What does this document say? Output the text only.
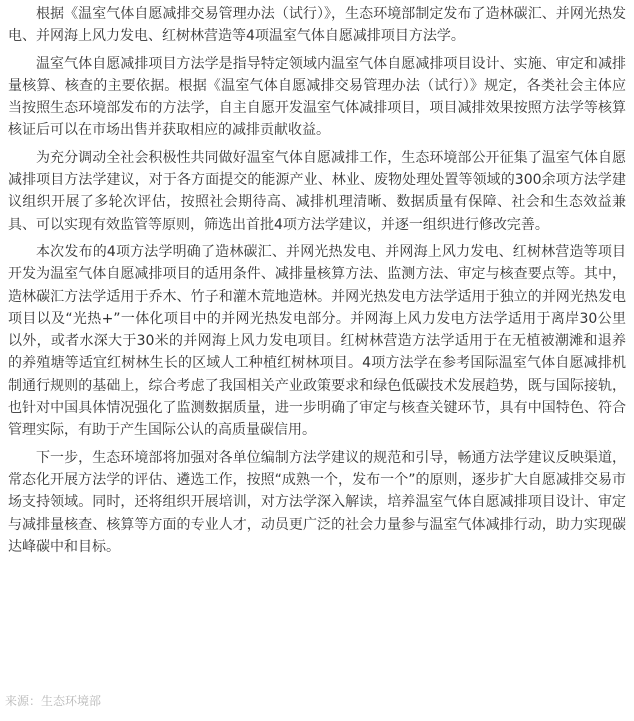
根据《温室气体自愿减排交易管理办法（试行）》，生态环境部制定发布了造林碳汇、并网光热发电、并网海上风力发电、红树林营造等4项温室气体自愿减排项目方法学。

温室气体自愿减排项目方法学是指导特定领域内温室气体自愿减排项目设计、实施、审定和减排量核算、核查的主要依据。根据《温室气体自愿减排交易管理办法（试行）》规定，各类社会主体应当按照生态环境部发布的方法学，自主自愿开发温室气体减排项目，项目减排效果按照方法学等核算核证后可以在市场出售并获取相应的减排贡献收益。

为充分调动全社会积极性共同做好温室气体自愿减排工作，生态环境部公开征集了温室气体自愿减排项目方法学建议，对于各方面提交的能源产业、林业、废物处理处置等领域的300余项方法学建议组织开展了多轮次评估，按照社会期待高、减排机理清晰、数据质量有保障、社会和生态效益兼具、可以实现有效监管等原则，筛选出首批4项方法学建议，并逐一组织进行修改完善。

本次发布的4项方法学明确了造林碳汇、并网光热发电、并网海上风力发电、红树林营造等项目开发为温室气体自愿减排项目的适用条件、减排量核算方法、监测方法、审定与核查要点等。其中，造林碳汇方法学适用于乔木、竹子和灌木荒地造林。并网光热发电方法学适用于独立的并网光热发电项目以及“光热+”一体化项目中的并网光热发电部分。并网海上风力发电方法学适用于离岸30公里以外，或者水深大于30米的并网海上风力发电项目。红树林营造方法学适用于在无植被潮滩和退养的养殖塘等适宜红树林生长的区域人工种植红树林项目。4项方法学在参考国际温室气体自愿减排机制通行规则的基础上，综合考虑了我国相关产业政策要求和绿色低碳技术发展趋势，既与国际接轨，也针对中国具体情况强化了监测数据质量，进一步明确了审定与核查关键环节，具有中国特色、符合管理实际，有助于产生国际公认的高质量碳信用。

下一步，生态环境部将加强对各单位编制方法学建议的规范和引导，畅通方法学建议反映渠道，常态化开展方法学的评估、遴选工作，按照“成熟一个，发布一个”的原则，逐步扩大自愿减排交易市场支持领域。同时，还将组织开展培训，对方法学深入解读，培养温室气体自愿减排项目设计、审定与减排量核查、核算等方面的专业人才，动员更广泛的社会力量参与温室气体减排行动，助力实现碳达峰碳中和目标。

来源：生态环境部
